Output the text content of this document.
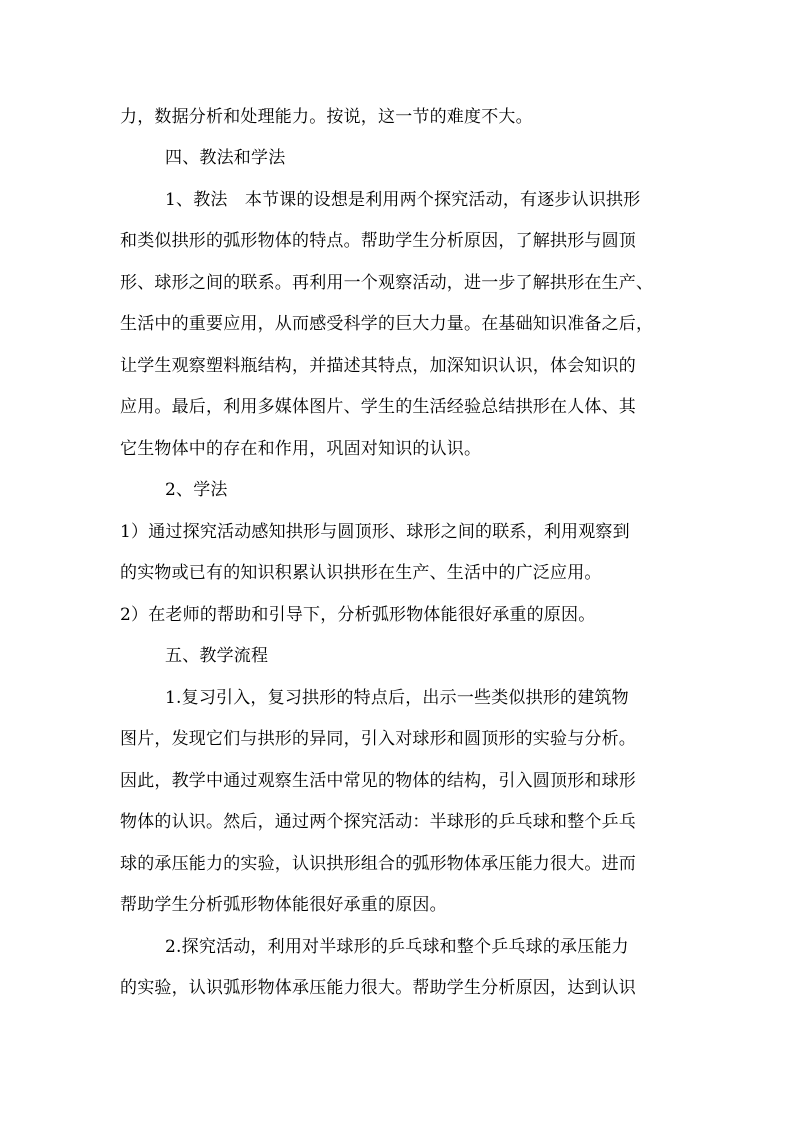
力，数据分析和处理能力。按说，这一节的难度不大。
四、教法和学法
1、教法　本节课的设想是利用两个探究活动，有逐步认识拱形
和类似拱形的弧形物体的特点。帮助学生分析原因，了解拱形与圆顶
形、球形之间的联系。再利用一个观察活动，进一步了解拱形在生产、
生活中的重要应用，从而感受科学的巨大力量。在基础知识准备之后，
让学生观察塑料瓶结构，并描述其特点，加深知识认识，体会知识的
应用。最后，利用多媒体图片、学生的生活经验总结拱形在人体、其
它生物体中的存在和作用，巩固对知识的认识。
2、学法
1）通过探究活动感知拱形与圆顶形、球形之间的联系，利用观察到
的实物或已有的知识积累认识拱形在生产、生活中的广泛应用。
2）在老师的帮助和引导下，分析弧形物体能很好承重的原因。
五、教学流程
1.复习引入，复习拱形的特点后，出示一些类似拱形的建筑物
图片，发现它们与拱形的异同，引入对球形和圆顶形的实验与分析。
因此，教学中通过观察生活中常见的物体的结构，引入圆顶形和球形
物体的认识。然后，通过两个探究活动：半球形的乒乓球和整个乒乓
球的承压能力的实验，认识拱形组合的弧形物体承压能力很大。进而
帮助学生分析弧形物体能很好承重的原因。
2.探究活动，利用对半球形的乒乓球和整个乒乓球的承压能力
的实验，认识弧形物体承压能力很大。帮助学生分析原因，达到认识
